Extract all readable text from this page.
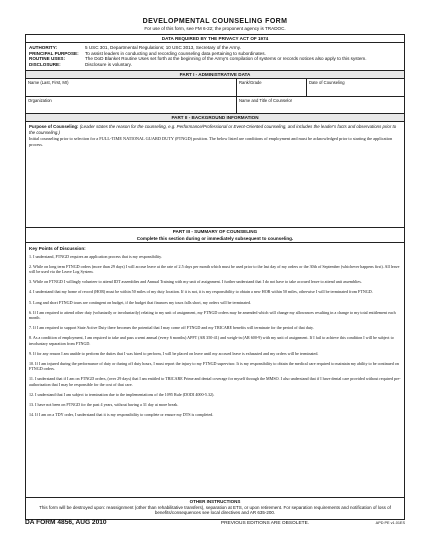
DEVELOPMENTAL COUNSELING FORM
For use of this form, see FM 6-22; the proponent agency is TRADOC.
DATA REQUIRED BY THE PRIVACY ACT OF 1974
AUTHORITY:	5 USC 301, Departmental Regulations; 10 USC 3013, Secretary of the Army.
PRINCIPAL PURPOSE:	To assist leaders in conducting and recording counseling data pertaining to subordinates.
ROUTINE USES:	The DoD Blanket Routine Uses set forth at the beginning of the Army's compilation of systems or records notices also apply to this system.
DISCLOSURE:	Disclosure is voluntary.
PART I - ADMINISTRATIVE DATA
Name (Last, First, MI)	Rank/Grade	Date of Counseling
Organization	Name and Title of Counselor
PART II - BACKGROUND INFORMATION
Purpose of Counseling: (Leader states the reason for the counseling, e.g. Performance/Professional or Event-Oriented counseling, and includes the leader's facts and observations prior to the counseling.)
Initial counseling prior to selection for a FULL-TIME NATIONAL GUARD DUTY (FTNGD) position. The below listed are conditions of employment and must be acknowledged prior to starting the application process.
PART III - SUMMARY OF COUNSELING
Complete this section during or immediately subsequent to counseling.
Key Points of Discussion:
1. I understand, FTNGD requires an application process that is my responsibility.
2. While on long term FTNGD orders (more than 29 days) I will accrue leave at the rate of 2.5 days per month which must be used prior to the last day of my orders or the 30th of September (whichever happens first). All leave will be used via the Leave Log System.
3. While on FTNGD I willingly volunteer to attend IDT assemblies and Annual Training with my unit of assignment. I further understand that I do not have to take accrued leave to attend unit assemblies.
4. I understand that my home of record (HOR) must be within 50 miles of my duty location. If it is not, it is my responsibility to obtain a new HOR within 50 miles, otherwise I will be terminated from FTNGD.
5. Long and short FTNGD tours are contingent on budget, if the budget that finances my tours falls short, my orders will be terminated.
6. If I am required to attend other duty (voluntarily or involuntarily) relating to my unit of assignment, my FTNGD orders may be amended which will change my allowances resulting in a change to my total entitlement each month.
7. If I am required to support State Active Duty there becomes the potential that I may come off FTNGD and my TRICARE benefits will terminate for the period of that duty.
8. As a condition of employment, I am required to take and pass a semi annual (every 6 months) APFT (AR 350-41) and weigh-in (AR 600-9) with my unit of assignment. If I fail to achieve this condition I will be subject to involuntary separation from FTNGD.
9. If for any reason I am unable to perform the duties that I was hired to perform, I will be placed on leave until my accrued leave is exhausted and my orders will be terminated.
10. If I am injured during the performance of duty or during off duty hours, I must report the injury to my FTNGD supervisor. It is my responsibility to obtain the medical care required to maintain my ability to be continued on FTNGD orders.
11. I understand that if I am on FTNGD orders, (over 29 days) that I am entitled to TRICARE Prime and dental coverage for myself through the MMSO. I also understand that if I have dental care provided without required pre-authorization that I may be responsible for the cost of that care.
12. I understand that I am subject to termination due to the implementations of the 1095 Rule (DODI 4000-5.32).
13. I have not been on FTNGD for the past 4 years, without having a 31 day at more break.
14. If I am on a TDY order, I understand that it is my responsibility to complete or ensure my DTS is completed.
OTHER INSTRUCTIONS
This form will be destroyed upon: reassignment (other than rehabilitative transfers), separation at ETS, or upon retirement. For separation requirements and notification of loss of benefits/consequences see local directives and AR 635-200.
DA FORM 4856, AUG 2010	PREVIOUS EDITIONS ARE OBSOLETE.	APD PE v1.01ES
